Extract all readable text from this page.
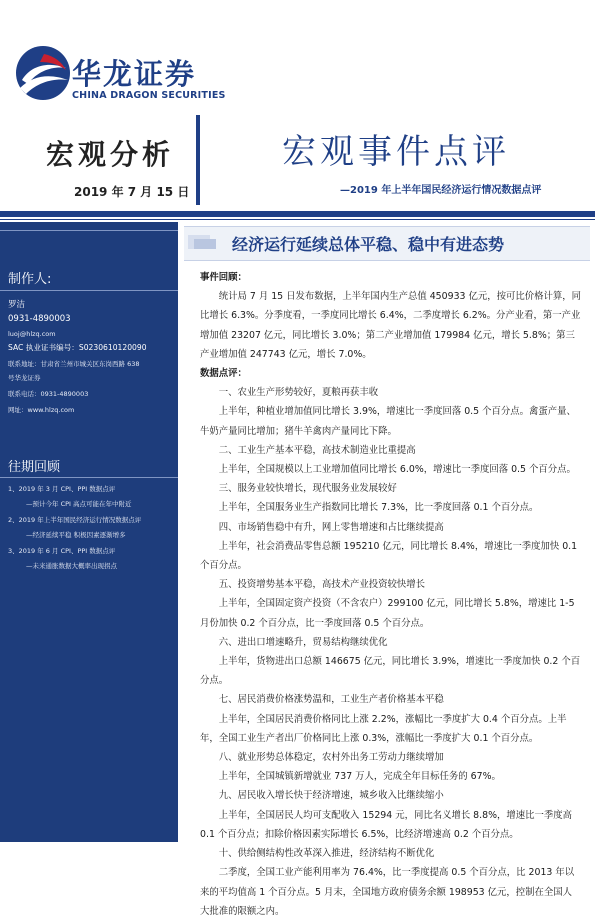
华龙证券
CHINA DRAGON SECURITIES
宏观分析
2019 年 7 月 15 日
宏观事件点评
—2019 年上半年国民经济运行情况数据点评
制作人:
罗洁
0931-4890003
luoj@hlzq.com
SAC 执业证书编号：S0230610120090
联系地址：甘肃省兰州市城关区东岗西路 638
号华龙证券
联系电话：0931-4890003
网址：www.hlzq.com
往期回顾
1、2019 年 3 月 CPI、PPI 数据点评
—预计今年 CPI 高点可能在年中附近
2、2019 年上半年国民经济运行情况数据点评
—经济延续平稳 积极因素逐渐增多
3、2019 年 6 月 CPI、PPI 数据点评
—未来通胀数据大概率出现拐点
经济运行延续总体平稳、稳中有进态势

事件回顾：

统计局 7 月 15 日发布数据，上半年国内生产总值 450933 亿元，按可比价格计算，同比增长 6.3%。分季度看，一季度同比增长 6.4%，二季度增长 6.2%。分产业看，第一产业增加值 23207 亿元，同比增长 3.0%；第二产业增加值 179984 亿元，增长 5.8%；第三产业增加值 247743 亿元，增长 7.0%。

数据点评：

一、农业生产形势较好，夏粮再获丰收

上半年，种植业增加值同比增长 3.9%，增速比一季度回落 0.5 个百分点。禽蛋产量、牛奶产量同比增加；猪牛羊禽肉产量同比下降。

二、工业生产基本平稳，高技术制造业比重提高

上半年，全国规模以上工业增加值同比增长 6.0%，增速比一季度回落 0.5 个百分点。

三、服务业较快增长，现代服务业发展较好

上半年，全国服务业生产指数同比增长 7.3%，比一季度回落 0.1 个百分点。

四、市场销售稳中有升，网上零售增速和占比继续提高

上半年，社会消费品零售总额 195210 亿元，同比增长 8.4%，增速比一季度加快 0.1 个百分点。

五、投资增势基本平稳，高技术产业投资较快增长

上半年，全国固定资产投资（不含农户）299100 亿元，同比增长 5.8%，增速比 1-5 月份加快 0.2 个百分点，比一季度回落 0.5 个百分点。

六、进出口增速略升，贸易结构继续优化

上半年，货物进出口总额 146675 亿元，同比增长 3.9%，增速比一季度加快 0.2 个百分点。

七、居民消费价格涨势温和，工业生产者价格基本平稳

上半年，全国居民消费价格同比上涨 2.2%，涨幅比一季度扩大 0.4 个百分点。上半年，全国工业生产者出厂价格同比上涨 0.3%，涨幅比一季度扩大 0.1 个百分点。

八、就业形势总体稳定，农村外出务工劳动力继续增加

上半年，全国城镇新增就业 737 万人，完成全年目标任务的 67%。

九、居民收入增长快于经济增速，城乡收入比继续缩小

上半年，全国居民人均可支配收入 15294 元，同比名义增长 8.8%，增速比一季度高 0.1 个百分点；扣除价格因素实际增长 6.5%，比经济增速高 0.2 个百分点。

十、供给侧结构性改革深入推进，经济结构不断优化

二季度，全国工业产能利用率为 76.4%，比一季度提高 0.5 个百分点，比 2013 年以来的平均值高 1 个百分点。5 月末，全国地方政府债务余额 198953 亿元，控制在全国人大批准的限额之内。
